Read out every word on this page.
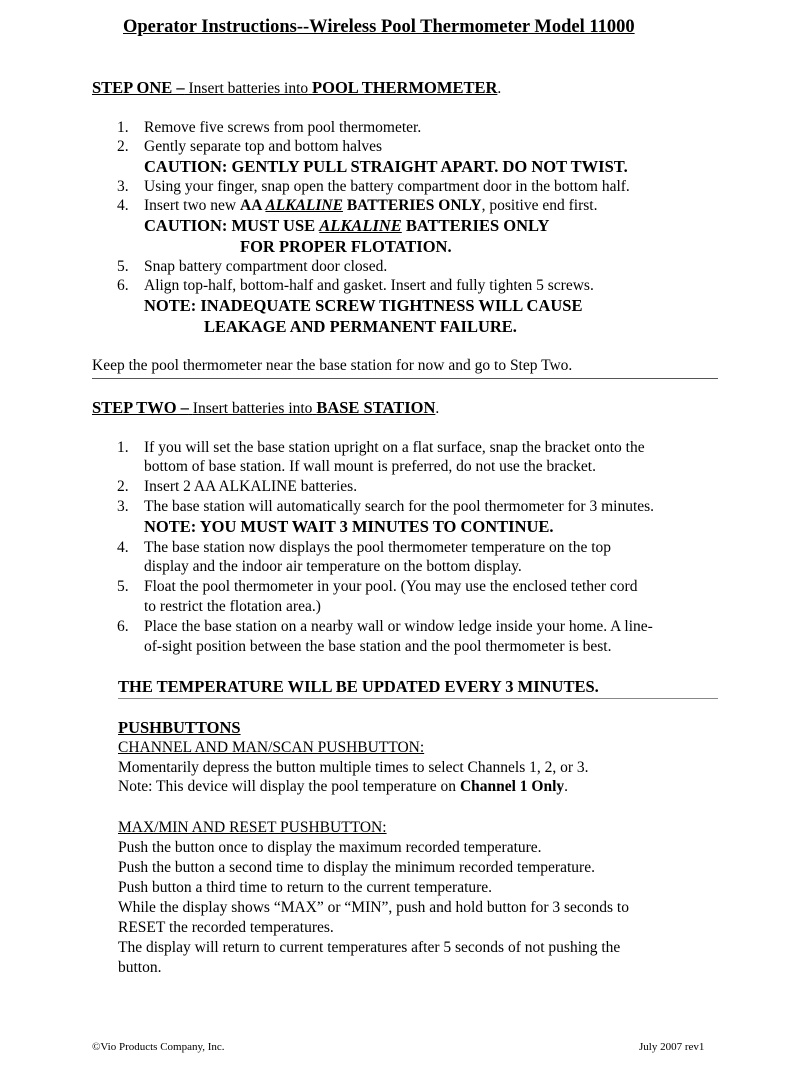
Operator Instructions--Wireless Pool Thermometer Model 11000
STEP ONE – Insert batteries into POOL THERMOMETER.
1. Remove five screws from pool thermometer.
2. Gently separate top and bottom halves
CAUTION: GENTLY PULL STRAIGHT APART. DO NOT TWIST.
3. Using your finger, snap open the battery compartment door in the bottom half.
4. Insert two new AA ALKALINE BATTERIES ONLY, positive end first.
CAUTION: MUST USE ALKALINE BATTERIES ONLY
FOR PROPER FLOTATION.
5. Snap battery compartment door closed.
6. Align top-half, bottom-half and gasket. Insert and fully tighten 5 screws.
NOTE: INADEQUATE SCREW TIGHTNESS WILL CAUSE
LEAKAGE AND PERMANENT FAILURE.
Keep the pool thermometer near the base station for now and go to Step Two.
STEP TWO – Insert batteries into BASE STATION.
1. If you will set the base station upright on a flat surface, snap the bracket onto the
bottom of base station. If wall mount is preferred, do not use the bracket.
2. Insert 2 AA ALKALINE batteries.
3. The base station will automatically search for the pool thermometer for 3 minutes.
NOTE: YOU MUST WAIT 3 MINUTES TO CONTINUE.
4. The base station now displays the pool thermometer temperature on the top
display and the indoor air temperature on the bottom display.
5. Float the pool thermometer in your pool. (You may use the enclosed tether cord
to restrict the flotation area.)
6. Place the base station on a nearby wall or window ledge inside your home. A line-
of-sight position between the base station and the pool thermometer is best.
THE TEMPERATURE WILL BE UPDATED EVERY 3 MINUTES.
PUSHBUTTONS
CHANNEL AND MAN/SCAN PUSHBUTTON:
Momentarily depress the button multiple times to select Channels 1, 2, or 3.
Note: This device will display the pool temperature on Channel 1 Only.
MAX/MIN AND RESET PUSHBUTTON:
Push the button once to display the maximum recorded temperature.
Push the button a second time to display the minimum recorded temperature.
Push button a third time to return to the current temperature.
While the display shows “MAX” or “MIN”, push and hold button for 3 seconds to
RESET the recorded temperatures.
The display will return to current temperatures after 5 seconds of not pushing the
button.
©Vio Products Company, Inc.	July 2007 rev1
